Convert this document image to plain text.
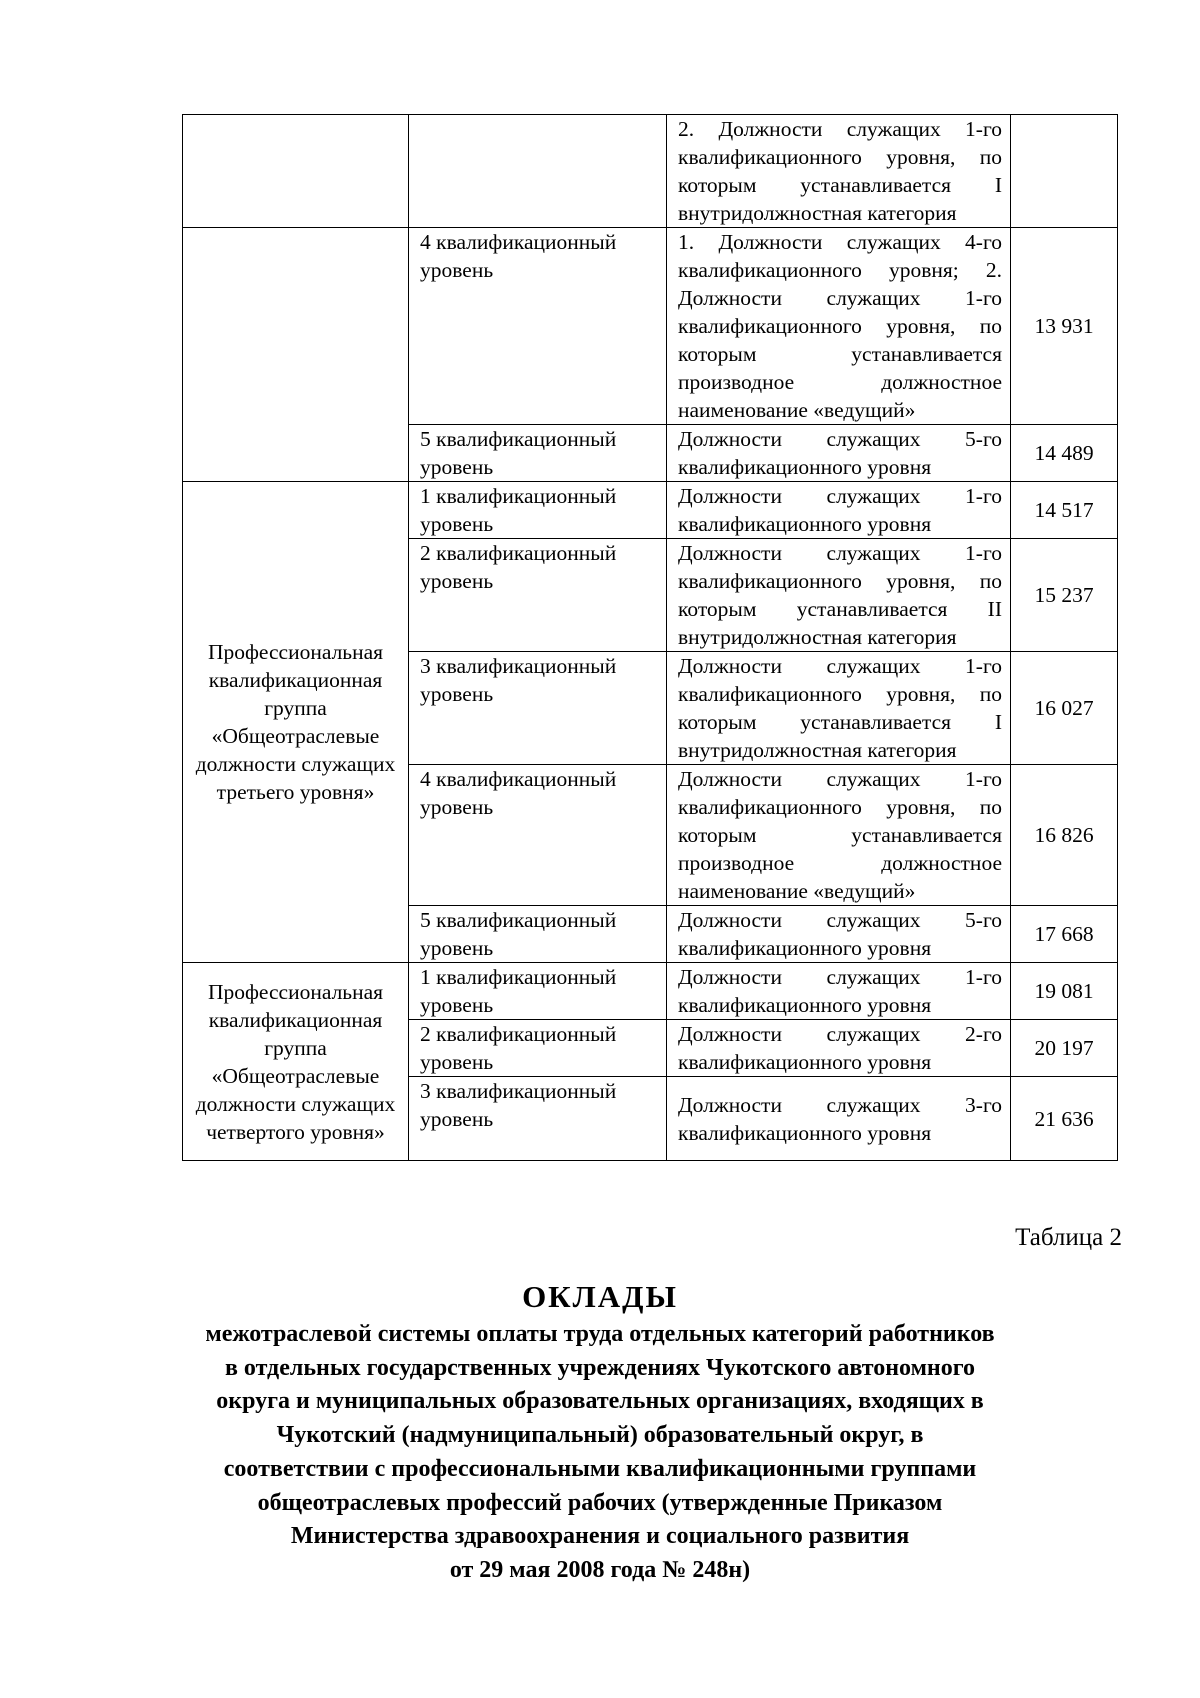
		2. Должности служащих 1-го квалификационного уровня, по которым устанавливается I внутридолжностная категория	
	4 квалификационный уровень	1. Должности служащих 4-го квалификационного уровня; 2. Должности служащих 1-го квалификационного уровня, по которым устанавливается производное должностное наименование «ведущий»	13 931
	5 квалификационный уровень	Должности служащих 5-го квалификационного уровня	14 489
Профессиональная квалификационная группа «Общеотраслевые должности служащих третьего уровня»	1 квалификационный уровень	Должности служащих 1-го квалификационного уровня	14 517
	2 квалификационный уровень	Должности служащих 1-го квалификационного уровня, по которым устанавливается II внутридолжностная категория	15 237
	3 квалификационный уровень	Должности служащих 1-го квалификационного уровня, по которым устанавливается I внутридолжностная категория	16 027
	4 квалификационный уровень	Должности служащих 1-го квалификационного уровня, по которым устанавливается производное должностное наименование «ведущий»	16 826
	5 квалификационный уровень	Должности служащих 5-го квалификационного уровня	17 668
Профессиональная квалификационная группа «Общеотраслевые должности служащих четвертого уровня»	1 квалификационный уровень	Должности служащих 1-го квалификационного уровня	19 081
	2 квалификационный уровень	Должности служащих 2-го квалификационного уровня	20 197
	3 квалификационный уровень	Должности служащих 3-го квалификационного уровня	21 636
Таблица 2
ОКЛАДЫ
межотраслевой системы оплаты труда отдельных категорий работников
в отдельных государственных учреждениях Чукотского автономного
округа и муниципальных образовательных организациях, входящих в
Чукотский (надмуниципальный) образовательный округ, в
соответствии с профессиональными квалификационными группами
общеотраслевых профессий рабочих (утвержденные Приказом
Министерства здравоохранения и социального развития
от 29 мая 2008 года № 248н)
